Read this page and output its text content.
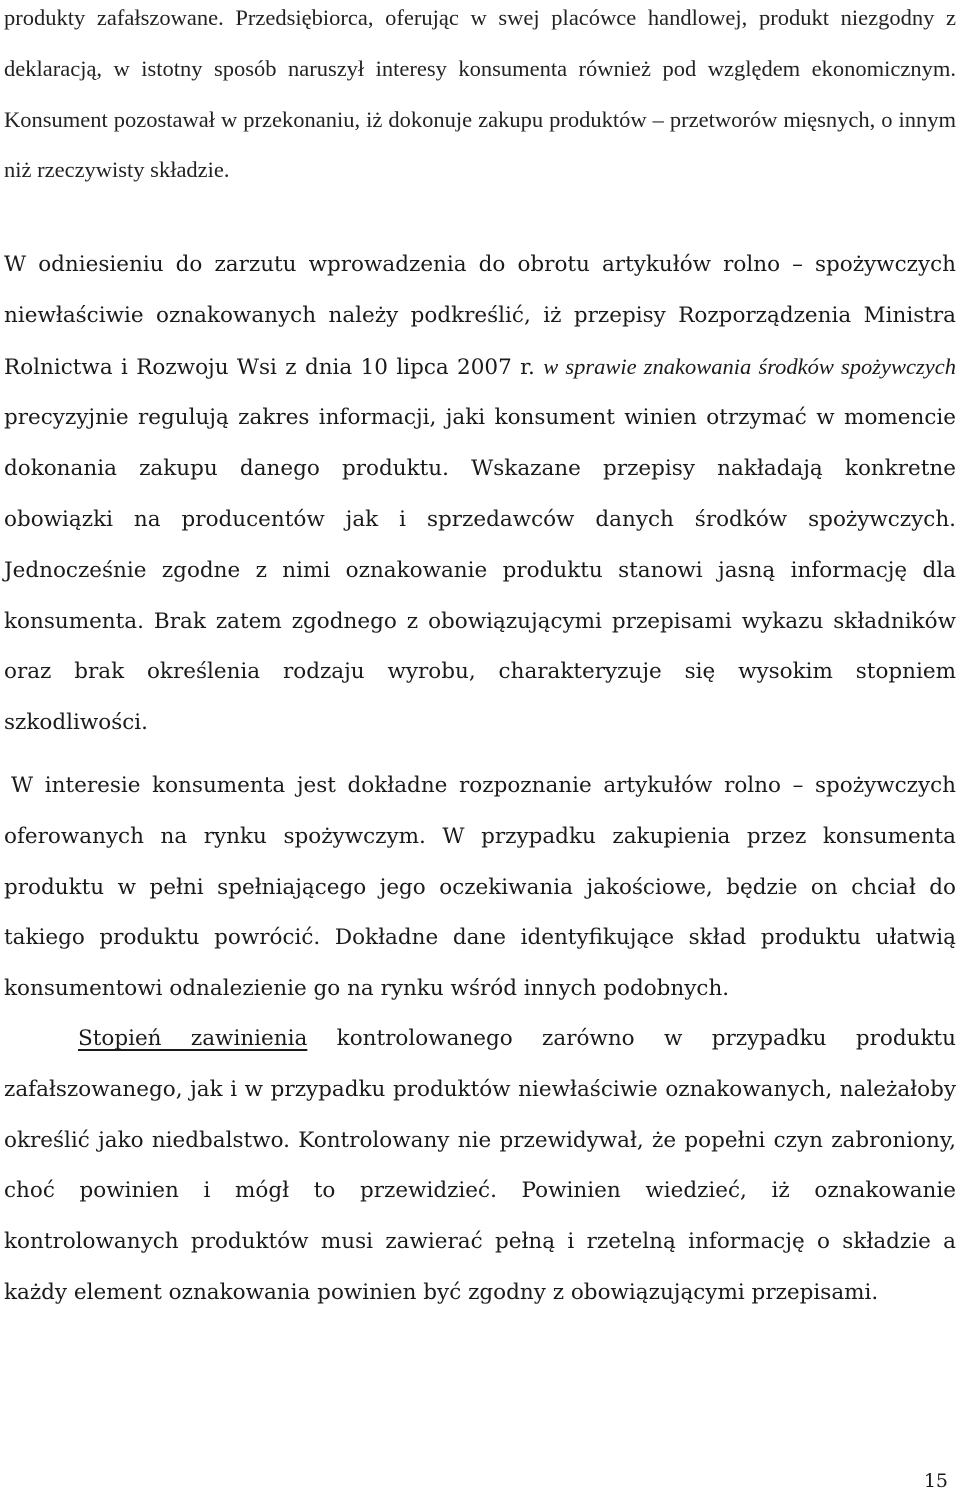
produkty zafałszowane. Przedsiębiorca, oferując w swej placówce handlowej, produkt niezgodny z deklaracją, w istotny sposób naruszył interesy konsumenta również pod względem ekonomicznym. Konsument pozostawał w przekonaniu, iż dokonuje zakupu produktów – przetworów mięsnych, o innym niż rzeczywisty składzie.

W odniesieniu do zarzutu wprowadzenia do obrotu artykułów rolno – spożywczych niewłaściwie oznakowanych należy podkreślić, iż przepisy Rozporządzenia Ministra Rolnictwa i Rozwoju Wsi z dnia 10 lipca 2007 r. w sprawie znakowania środków spożywczych precyzyjnie regulują zakres informacji, jaki konsument winien otrzymać w momencie dokonania zakupu danego produktu. Wskazane przepisy nakładają konkretne obowiązki na producentów jak i sprzedawców danych środków spożywczych. Jednocześnie zgodne z nimi oznakowanie produktu stanowi jasną informację dla konsumenta. Brak zatem zgodnego z obowiązującymi przepisami wykazu składników oraz brak określenia rodzaju wyrobu, charakteryzuje się wysokim stopniem szkodliwości.

W interesie konsumenta jest dokładne rozpoznanie artykułów rolno – spożywczych oferowanych na rynku spożywczym. W przypadku zakupienia przez konsumenta produktu w pełni spełniającego jego oczekiwania jakościowe, będzie on chciał do takiego produktu powrócić. Dokładne dane identyfikujące skład produktu ułatwią konsumentowi odnalezienie go na rynku wśród innych podobnych.

Stopień zawinienia kontrolowanego zarówno w przypadku produktu zafałszowanego, jak i w przypadku produktów niewłaściwie oznakowanych, należałoby określić jako niedbalstwo. Kontrolowany nie przewidywał, że popełni czyn zabroniony, choć powinien i mógł to przewidzieć. Powinien wiedzieć, iż oznakowanie kontrolowanych produktów musi zawierać pełną i rzetelną informację o składzie a każdy element oznakowania powinien być zgodny z obowiązującymi przepisami.

15
